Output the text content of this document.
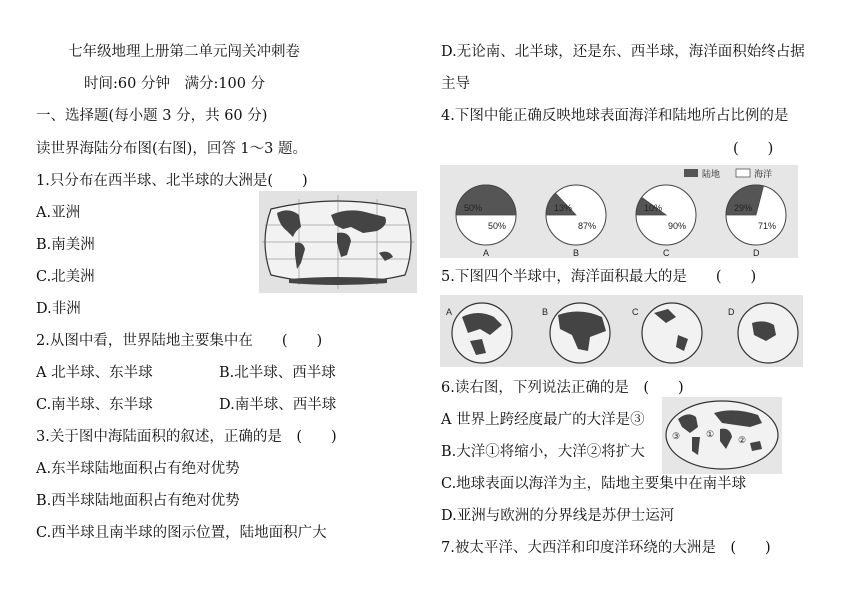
七年级地理上册第二单元闯关冲刺卷
时间:60 分钟　满分:100 分
一、选择题(每小题 3 分，共 60 分)
读世界海陆分布图(右图)，回答 1～3 题。
1.只分布在西半球、北半球的大洲是(　　)
A.亚洲
B.南美洲
C.北美洲
D.非洲
2.从图中看，世界陆地主要集中在　　(　　)
A 北半球、东半球	B.北半球、西半球
C.南半球、东半球	D.南半球、西半球
3.关于图中海陆面积的叙述，正确的是　(　　)
A.东半球陆地面积占有绝对优势
B.西半球陆地面积占有绝对优势
C.西半球且南半球的图示位置，陆地面积广大
D.无论南、北半球，还是东、西半球，海洋面积始终占据
主导
4.下图中能正确反映地球表面海洋和陆地所占比例的是
(　　)
陆地	海洋
50%
50%
A
13%
87%
B
10%
90%
C
29%
71%
D
5.下图四个半球中，海洋面积最大的是　　(　　)
A	B	C	D
6.读右图，下列说法正确的是　(　　)
①
②
③
A 世界上跨经度最广的大洋是③
B.大洋①将缩小，大洋②将扩大
C.地球表面以海洋为主，陆地主要集中在南半球
D.亚洲与欧洲的分界线是苏伊士运河
7.被太平洋、大西洋和印度洋环绕的大洲是　(　　)
